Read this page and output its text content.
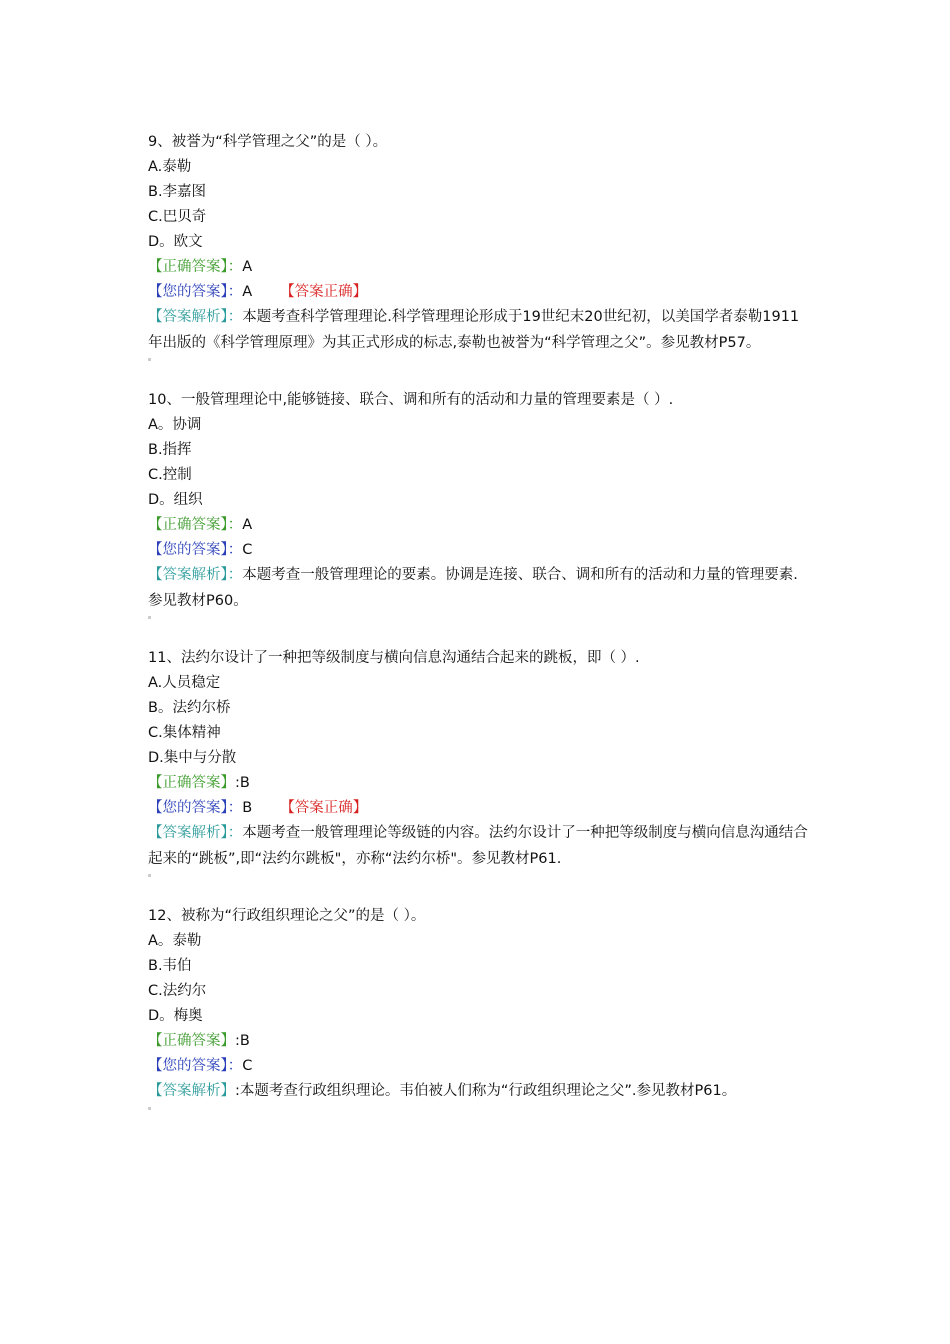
9、被誉为“科学管理之父”的是（ ）。
A.泰勒
B.李嘉图
C.巴贝奇
D。欧文
【正确答案】：A
【您的答案】：A 【答案正确】
【答案解析】：本题考查科学管理理论.科学管理理论形成于19世纪末20世纪初，以美国学者泰勒1911年出版的《科学管理原理》为其正式形成的标志,泰勒也被誉为“科学管理之父”。参见教材P57。
10、一般管理理论中,能够链接、联合、调和所有的活动和力量的管理要素是（ ）.
A。协调
B.指挥
C.控制
D。组织
【正确答案】：A
【您的答案】：C
【答案解析】：本题考查一般管理理论的要素。协调是连接、联合、调和所有的活动和力量的管理要素.参见教材P60。
11、法约尔设计了一种把等级制度与横向信息沟通结合起来的跳板，即（ ）.
A.人员稳定
B。法约尔桥
C.集体精神
D.集中与分散
【正确答案】:B
【您的答案】：B 【答案正确】
【答案解析】：本题考查一般管理理论等级链的内容。法约尔设计了一种把等级制度与横向信息沟通结合起来的“跳板”,即“法约尔跳板"，亦称“法约尔桥"。参见教材P61.
12、被称为“行政组织理论之父”的是（ ）。
A。泰勒
B.韦伯
C.法约尔
D。梅奥
【正确答案】:B
【您的答案】：C
【答案解析】:本题考查行政组织理论。韦伯被人们称为“行政组织理论之父”.参见教材P61。
